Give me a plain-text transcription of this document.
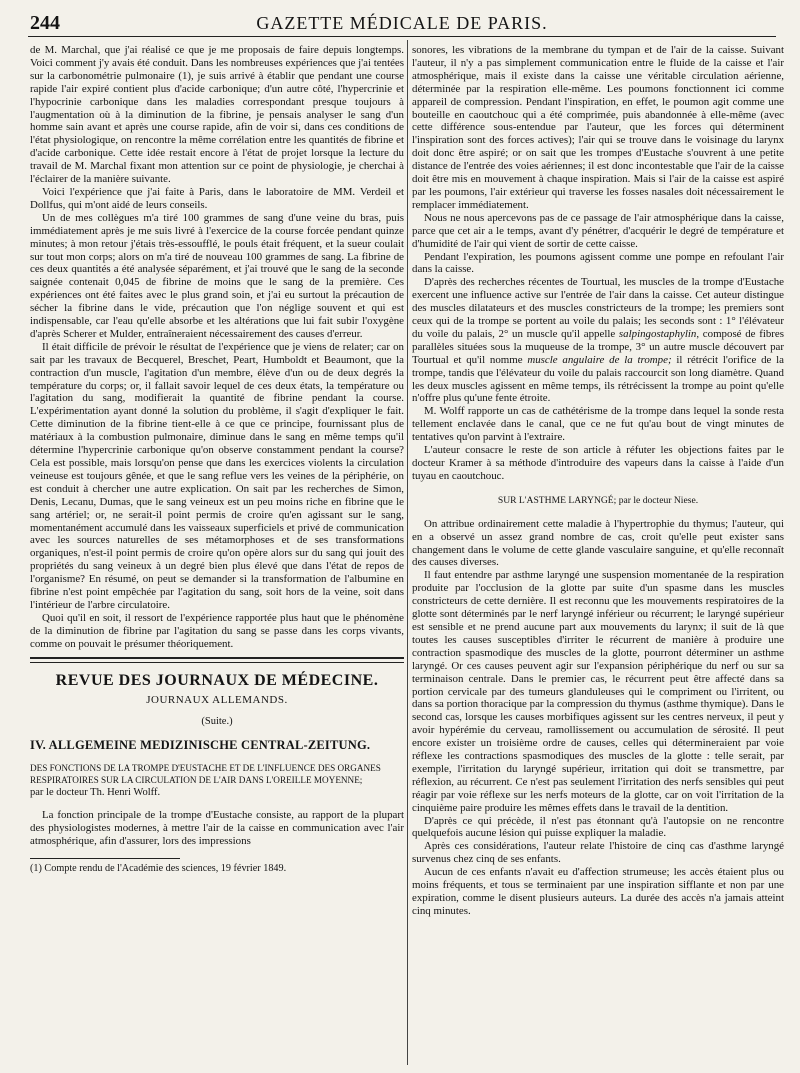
244	GAZETTE MÉDICALE DE PARIS.

de M. Marchal, que j'ai réalisé ce que je me proposais de faire depuis longtemps. Voici comment j'y avais été conduit. Dans les nombreuses expériences que j'ai tentées sur la carbonométrie pulmonaire (1), je suis arrivé à établir que pendant une course rapide l'air expiré contient plus d'acide carbonique; d'un autre côté, l'hypercrinie et l'hypocrinie carbonique dans les maladies correspondant presque toujours à l'augmentation où à la diminution de la fibrine, je pensais analyser le sang d'un homme sain avant et après une course rapide, afin de voir si, dans ces conditions de l'état physiologique, on rencontre la même corrélation entre les quantités de fibrine et d'acide carbonique. Cette idée restait encore à l'état de projet lorsque la lecture du travail de M. Marchal fixant mon attention sur ce point de physiologie, je cherchai à l'éclairer de la manière suivante.

Voici l'expérience que j'ai faite à Paris, dans le laboratoire de MM. Verdeil et Dollfus, qui m'ont aidé de leurs conseils.

Un de mes collègues m'a tiré 100 grammes de sang d'une veine du bras, puis immédiatement après je me suis livré à l'exercice de la course forcée pendant quinze minutes; à mon retour j'étais très-essoufflé, le pouls était fréquent, et la sueur coulait sur tout mon corps; alors on m'a tiré de nouveau 100 grammes de sang. La fibrine de ces deux quantités a été analysée séparément, et j'ai trouvé que le sang de la seconde saignée contenait 0,045 de fibrine de moins que le sang de la première. Ces expériences ont été faites avec le plus grand soin, et j'ai eu surtout la précaution de sécher la fibrine dans le vide, précaution que l'on néglige souvent et qui est indispensable, car l'eau qu'elle absorbe et les altérations que lui fait subir l'oxygène d'après Scherer et Mulder, entraîneraient nécessairement des causes d'erreur.

Il était difficile de prévoir le résultat de l'expérience que je viens de relater; car on sait par les travaux de Becquerel, Breschet, Peart, Humboldt et Beaumont, que la contraction d'un muscle, l'agitation d'un membre, élève d'un ou de deux degrés la température du corps; or, il fallait savoir lequel de ces deux états, la température ou l'agitation du sang, modifierait la quantité de fibrine pendant la course. L'expérimentation ayant donné la solution du problème, il s'agit d'expliquer le fait. Cette diminution de la fibrine tient-elle à ce que ce principe, fournissant plus de matériaux à la combustion pulmonaire, diminue dans le sang en même temps qu'il détermine l'hypercrinie carbonique qu'on observe constamment pendant la course? Cela est possible, mais lorsqu'on pense que dans les exercices violents la circulation veineuse est toujours gênée, et que le sang reflue vers les veines de la périphérie, on est conduit à chercher une autre explication. On sait par les recherches de Simon, Denis, Lecanu, Dumas, que le sang veineux est un peu moins riche en fibrine que le sang artériel; or, ne serait-il point permis de croire qu'en agissant sur le sang, momentanément accumulé dans les vaisseaux superficiels et privé de communication avec les sources naturelles de ses métamorphoses et de ses transformations organiques, n'est-il point permis de croire qu'on opère alors sur du sang qui jouit des propriétés du sang veineux à un degré bien plus élevé que dans l'état de repos de l'organisme? En résumé, on peut se demander si la transformation de l'albumine en fibrine n'est point empêchée par l'agitation du sang, soit hors de la veine, soit dans l'intérieur de l'arbre circulatoire.

Quoi qu'il en soit, il ressort de l'expérience rapportée plus haut que le phénomène de la diminution de fibrine par l'agitation du sang se passe dans les corps vivants, comme on pouvait le présumer théoriquement.

REVUE DES JOURNAUX DE MÉDECINE.
JOURNAUX ALLEMANDS.
(Suite.)
IV. ALLGEMEINE MEDIZINISCHE CENTRAL-ZEITUNG.
DES FONCTIONS DE LA TROMPE D'EUSTACHE ET DE L'INFLUENCE DES ORGANES RESPIRATOIRES SUR LA CIRCULATION DE L'AIR DANS L'OREILLE MOYENNE;
par le docteur Th. Henri Wolff.

La fonction principale de la trompe d'Eustache consiste, au rapport de la plupart des physiologistes modernes, à mettre l'air de la caisse en communication avec l'air atmosphérique, afin d'assurer, lors des impressions

(1) Compte rendu de l'Académie des sciences, 19 février 1849.

sonores, les vibrations de la membrane du tympan et de l'air de la caisse. Suivant l'auteur, il n'y a pas simplement communication entre le fluide de la caisse et l'air atmosphérique, mais il existe dans la caisse une véritable circulation aérienne, déterminée par la respiration elle-même. Les poumons fonctionnent ici comme appareil de compression. Pendant l'inspiration, en effet, le poumon agit comme une bouteille en caoutchouc qui a été comprimée, puis abandonnée à elle-même (avec cette différence sous-entendue par l'auteur, que les forces qui déterminent l'inspiration sont des forces actives); l'air qui se trouve dans le voisinage du larynx doit donc être aspiré; or on sait que les trompes d'Eustache s'ouvrent à une petite distance de l'entrée des voies aériennes; il est donc incontestable que l'air de la caisse doit être mis en mouvement à chaque inspiration. Mais si l'air de la caisse est aspiré par les poumons, l'air extérieur qui traverse les fosses nasales doit nécessairement le remplacer immédiatement.

Nous ne nous apercevons pas de ce passage de l'air atmosphérique dans la caisse, parce que cet air a le temps, avant d'y pénétrer, d'acquérir le degré de température et d'humidité de l'air qui vient de sortir de cette caisse.

Pendant l'expiration, les poumons agissent comme une pompe en refoulant l'air dans la caisse.

D'après des recherches récentes de Tourtual, les muscles de la trompe d'Eustache exercent une influence active sur l'entrée de l'air dans la caisse. Cet auteur distingue des muscles dilatateurs et des muscles constricteurs de la trompe; les premiers sont ceux qui de la trompe se portent au voile du palais; les seconds sont : 1° l'élévateur du voile du palais, 2° un muscle qu'il appelle salpingostaphylin, composé de fibres parallèles situées sous la muqueuse de la trompe, 3° un autre muscle découvert par Tourtual et qu'il nomme muscle angulaire de la trompe; il rétrécit l'orifice de la trompe, tandis que l'élévateur du voile du palais raccourcit son long diamètre. Quand les deux muscles agissent en même temps, ils rétrécissent la trompe au point qu'elle n'offre plus qu'une fente étroite.

M. Wolff rapporte un cas de cathétérisme de la trompe dans lequel la sonde resta tellement enclavée dans le canal, que ce ne fut qu'au bout de vingt minutes de tentatives qu'on parvint à l'extraire.

L'auteur consacre le reste de son article à réfuter les objections faites par le docteur Kramer à sa méthode d'introduire des vapeurs dans la caisse à l'aide d'un tuyau en caoutchouc.

SUR L'ASTHME LARYNGÉ; par le docteur Niese.

On attribue ordinairement cette maladie à l'hypertrophie du thymus; l'auteur, qui en a observé un assez grand nombre de cas, croit qu'elle peut exister sans changement dans le volume de cette glande vasculaire sanguine, et qu'elle reconnaît des causes diverses.

Il faut entendre par asthme laryngé une suspension momentanée de la respiration produite par l'occlusion de la glotte par suite d'un spasme dans les muscles constricteurs de cette dernière. Il est reconnu que les mouvements respiratoires de la glotte sont déterminés par le nerf laryngé inférieur ou récurrent; le laryngé supérieur est sensible et ne prend aucune part aux mouvements du larynx; il suit de là que toutes les causes susceptibles d'irriter le récurrent de manière à produire une contraction spasmodique des muscles de la glotte, pourront déterminer un asthme laryngé. Or ces causes peuvent agir sur l'expansion périphérique du nerf ou sur sa terminaison centrale. Dans le premier cas, le récurrent peut être affecté dans sa portion cervicale par des tumeurs glanduleuses qui le compriment ou l'irritent, ou dans sa portion thoracique par la compression du thymus (asthme thymique). Dans le second cas, lorsque les causes morbifiques agissent sur les centres nerveux, il peut y avoir hypérémie du cerveau, ramollissement ou accumulation de sérosité. Il peut encore exister un troisième ordre de causes, celles qui détermineraient par voie réflexe les contractions spasmodiques des muscles de la glotte : telle serait, par exemple, l'irritation du laryngé supérieur, irritation qui doit se transmettre, par réflexion, au récurrent. Ce n'est pas seulement l'irritation des nerfs sensibles qui peut réagir par voie réflexe sur les nerfs moteurs de la glotte, car on voit l'irritation de la cinquième paire produire les mêmes effets dans le travail de la dentition.

D'après ce qui précède, il n'est pas étonnant qu'à l'autopsie on ne rencontre quelquefois aucune lésion qui puisse expliquer la maladie.

Après ces considérations, l'auteur relate l'histoire de cinq cas d'asthme laryngé survenus chez cinq de ses enfants.

Aucun de ces enfants n'avait eu d'affection strumeuse; les accès étaient plus ou moins fréquents, et tous se terminaient par une inspiration sifflante et non par une expiration, comme le disent plusieurs auteurs. La durée des accès n'a jamais atteint cinq minutes.
